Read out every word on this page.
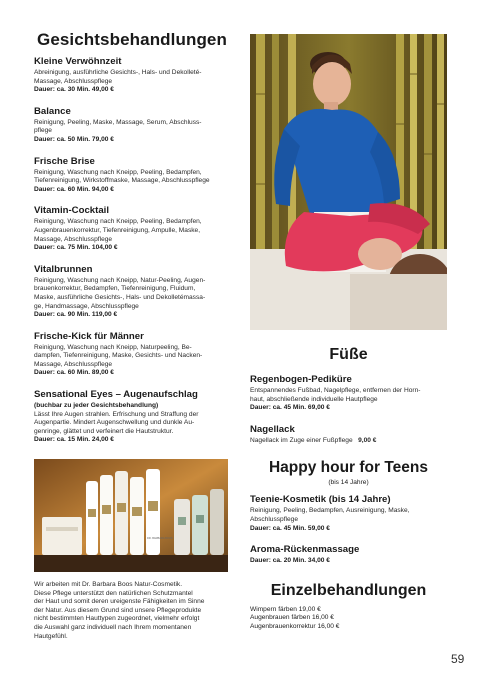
Gesichtsbehandlungen

Kleine Verwöhnzeit

Abreinigung, ausführliche Gesichts-, Hals- und Dekolleté-

Massage, Abschlusspflege

Dauer: ca. 30 Min. 49,00 €

Balance

Reinigung, Peeling, Maske, Massage, Serum, Abschluss-

pflege

Dauer: ca. 50 Min. 79,00 €

Frische Brise

Reinigung, Waschung nach Kneipp, Peeling, Bedampfen,

Tiefenreinigung, Wirkstoffmaske, Massage, Abschlusspflege

Dauer: ca. 60 Min. 94,00 €

Vitamin-Cocktail

Reinigung, Waschung nach Kneipp, Peeling, Bedampfen,

Augenbrauenkorrektur, Tiefenreinigung, Ampulle, Maske,

Massage, Abschlusspflege

Dauer: ca. 75 Min. 104,00 €

Vitalbrunnen

Reinigung, Waschung nach Kneipp, Natur-Peeling, Augen-

brauenkorrektur, Bedampfen, Tiefenreinigung, Fluidum,

Maske, ausführliche Gesichts-, Hals- und Dekolletémassa-

ge, Handmassage, Abschlusspflege

Dauer: ca. 90 Min. 119,00 €

Frische-Kick für Männer

Reinigung, Waschung nach Kneipp, Naturpeeling, Be-

dampfen, Tiefenreinigung, Maske, Gesichts- und Nacken-

Massage, Abschlusspflege

Dauer: ca. 60 Min. 89,00 €

Sensational Eyes – Augenaufschlag

(buchbar zu jeder Gesichtsbehandlung)

Lässt Ihre Augen strahlen. Erfrischung und Straffung der

Augenpartie. Mindert Augenschwellung und dunkle Au-

genringe, glättet und verfeinert die Hautstruktur.

Dauer: ca. 15 Min. 24,00 €

DR. BARBARA BOOS

Wir arbeiten mit Dr. Barbara Boos Natur-Cosmetik.

Diese Pflege unterstützt den natürlichen Schutzmantel

der Haut und somit deren ureigenste Fähigkeiten im Sinne

der Natur. Aus diesem Grund sind unsere Pflegeprodukte

nicht bestimmten Hauttypen zugeordnet, vielmehr erfolgt

die Auswahl ganz individuell nach Ihrem momentanen

Hautgefühl.

Füße

Regenbogen-Pediküre

Entspannendes Fußbad, Nagelpflege, entfernen der Horn-

haut, abschließende individuelle Hautpflege

Dauer: ca. 45 Min. 69,00 €

Nagellack

Nagellack im Zuge einer Fußpflege 9,00 €

Happy hour for Teens

(bis 14 Jahre)

Teenie-Kosmetik (bis 14 Jahre)

Reinigung, Peeling, Bedampfen, Ausreinigung, Maske,

Abschlusspflege

Dauer: ca. 45 Min. 59,00 €

Aroma-Rückenmassage

Dauer: ca. 20 Min. 34,00 €

Einzelbehandlungen

Wimpern färben 19,00 €

Augenbrauen färben 16,00 €

Augenbrauenkorrektur 16,00 €

59
